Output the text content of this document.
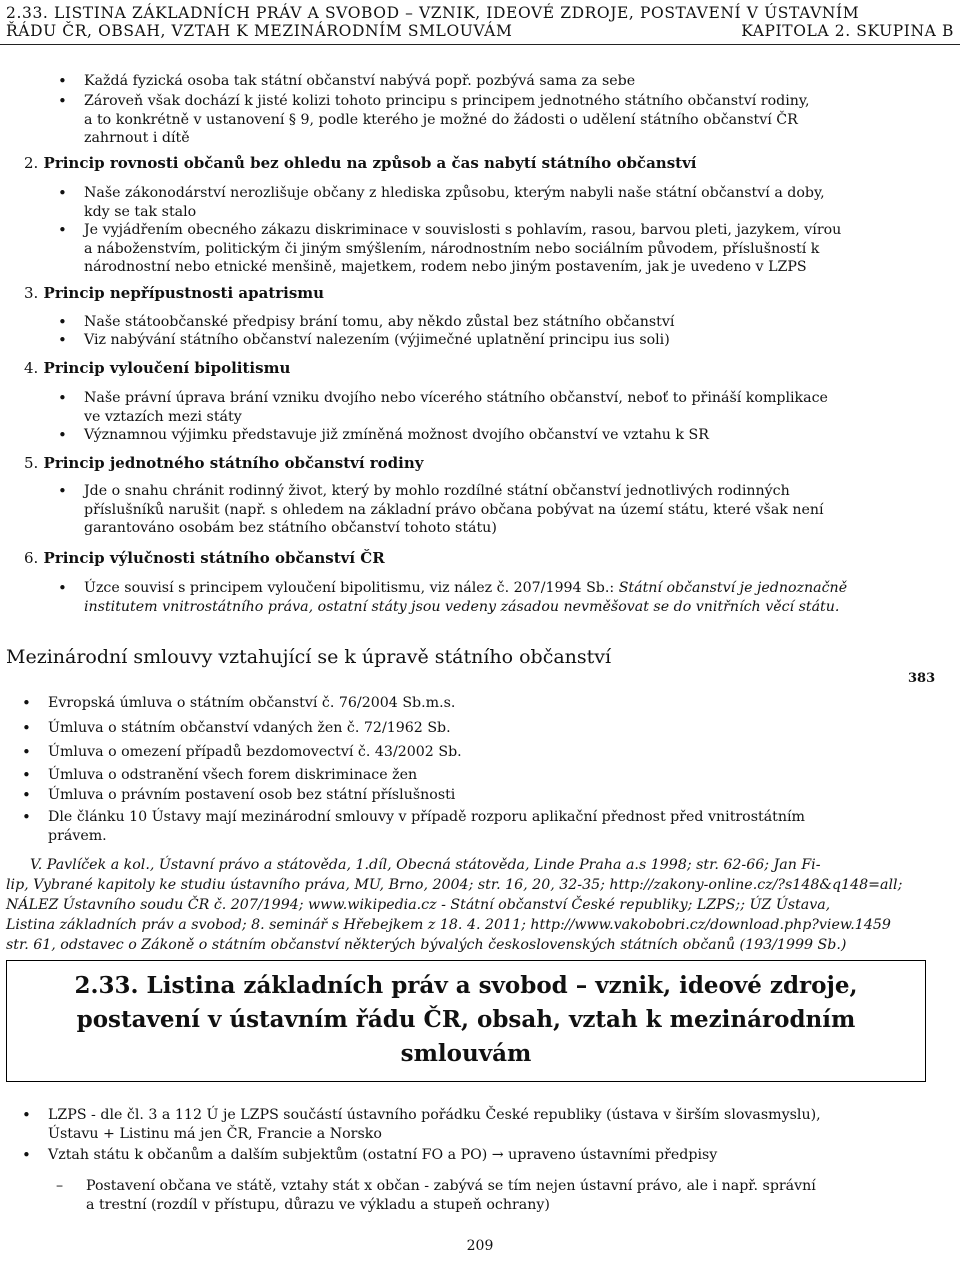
2.33. LISTINA ZÁKLADNÍCH PRÁV A SVOBOD – VZNIK, IDEOVÉ ZDROJE, POSTAVENÍ V ÚSTAVNÍM
ŘÁDU ČR, OBSAH, VZTAH K MEZINÁRODNÍM SMLOUVÁM	KAPITOLA 2. SKUPINA B
• Každá fyzická osoba tak státní občanství nabývá popř. pozbývá sama za sebe
• Zároveň však dochází k jisté kolizi tohoto principu s principem jednotného státního občanství rodiny,
a to konkrétně v ustanovení § 9, podle kterého je možné do žádosti o udělení státního občanství ČR
zahrnout i dítě
2. Princip rovnosti občanů bez ohledu na způsob a čas nabytí státního občanství
• Naše zákonodárství nerozlišuje občany z hlediska způsobu, kterým nabyli naše státní občanství a doby,
kdy se tak stalo
• Je vyjádřením obecného zákazu diskriminace v souvislosti s pohlavím, rasou, barvou pleti, jazykem, vírou
a náboženstvím, politickým či jiným smýšlením, národnostním nebo sociálním původem, příslušností k
národnostní nebo etnické menšině, majetkem, rodem nebo jiným postavením, jak je uvedeno v LZPS
3. Princip nepřípustnosti apatrismu
• Naše státoobčanské předpisy brání tomu, aby někdo zůstal bez státního občanství
• Viz nabývání státního občanství nalezením (výjimečné uplatnění principu ius soli)
4. Princip vyloučení bipolitismu
• Naše právní úprava brání vzniku dvojího nebo vícerého státního občanství, neboť to přináší komplikace
ve vztazích mezi státy
• Významnou výjimku představuje již zmíněná možnost dvojího občanství ve vztahu k SR
5. Princip jednotného státního občanství rodiny
• Jde o snahu chránit rodinný život, který by mohlo rozdílné státní občanství jednotlivých rodinných
příslušníků narušit (např. s ohledem na základní právo občana pobývat na území státu, které však není
garantováno osobám bez státního občanství tohoto státu)
6. Princip výlučnosti státního občanství ČR
• Úzce souvisí s principem vyloučení bipolitismu, viz nález č. 207/1994 Sb.: Státní občanství je jednoznačně
institutem vnitrostátního práva, ostatní státy jsou vedeny zásadou nevměšovat se do vnitřních věcí státu.
Mezinárodní smlouvy vztahující se k úpravě státního občanství
383
• Evropská úmluva o státním občanství č. 76/2004 Sb.m.s.
• Úmluva o státním občanství vdaných žen č. 72/1962 Sb.
• Úmluva o omezení případů bezdomovectví č. 43/2002 Sb.
• Úmluva o odstranění všech forem diskriminace žen
• Úmluva o právním postavení osob bez státní příslušnosti
• Dle článku 10 Ústavy mají mezinárodní smlouvy v případě rozporu aplikační přednost před vnitrostátním
právem.
V. Pavlíček a kol., Ústavní právo a státověda, 1.díl, Obecná státověda, Linde Praha a.s 1998; str. 62-66; Jan Fi-
lip, Vybrané kapitoly ke studiu ústavního práva, MU, Brno, 2004; str. 16, 20, 32-35; http://zakony-online.cz/?s148&q148=all;
NÁLEZ Ústavního soudu ČR č. 207/1994; www.wikipedia.cz - Státní občanství České republiky; LZPS;; ÚZ Ústava,
Listina základních práv a svobod; 8. seminář s Hřebejkem z 18. 4. 2011; http://www.vakobobri.cz/download.php?view.1459
str. 61, odstavec o Zákoně o státním občanství některých bývalých československých státních občanů (193/1999 Sb.)
2.33. Listina základních práv a svobod – vznik, ideové zdroje,
postavení v ústavním řádu ČR, obsah, vztah k mezinárodním
smlouvám
• LZPS - dle čl. 3 a 112 Ú je LZPS součástí ústavního pořádku České republiky (ústava v širším slovasmyslu),
Ústavu + Listinu má jen ČR, Francie a Norsko
• Vztah státu k občanům a dalším subjektům (ostatní FO a PO) → upraveno ústavními předpisy
– Postavení občana ve státě, vztahy stát x občan - zabývá se tím nejen ústavní právo, ale i např. správní
a trestní (rozdíl v přístupu, důrazu ve výkladu a stupeň ochrany)
209
